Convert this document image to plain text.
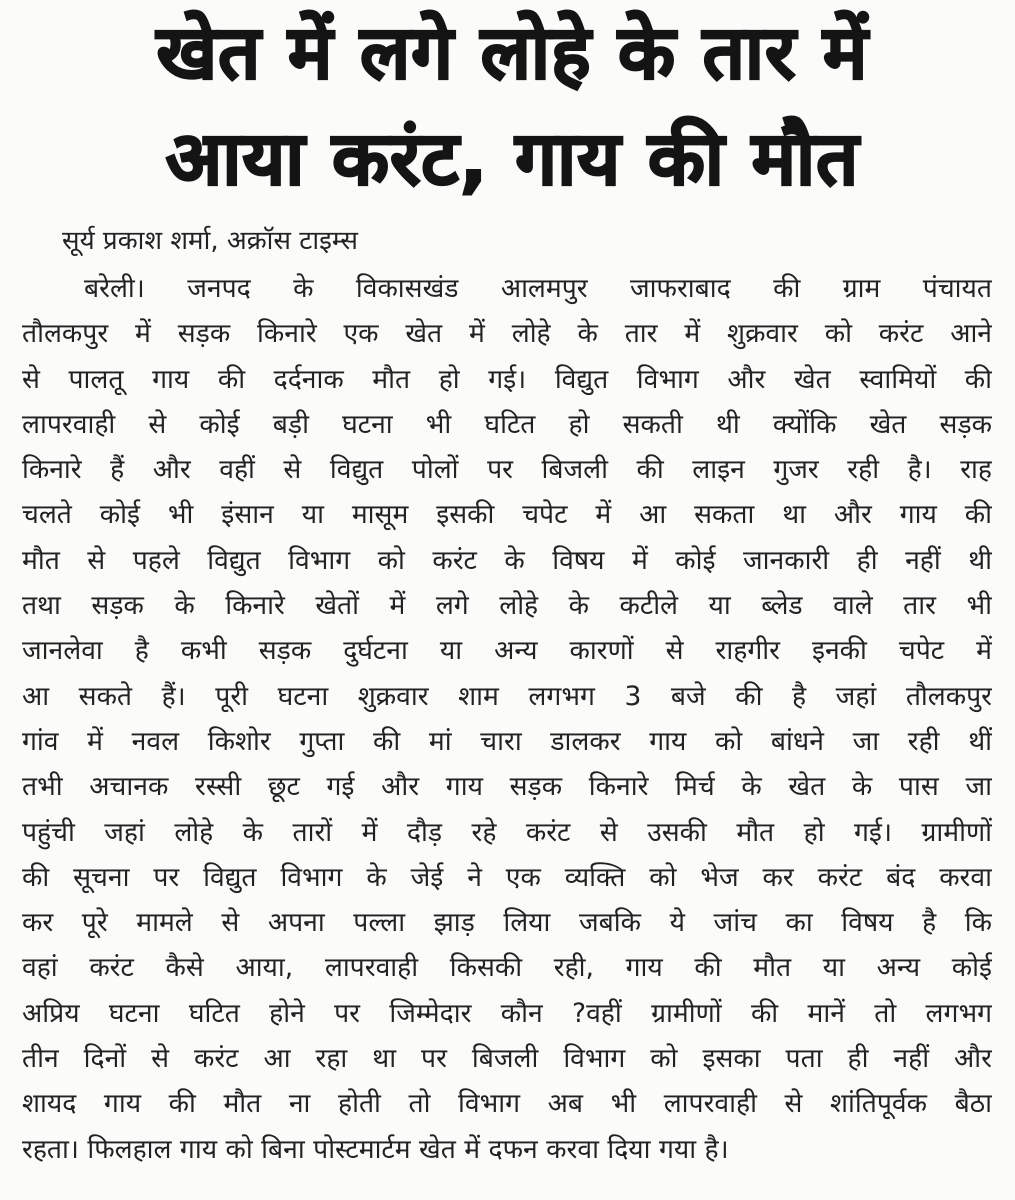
खेत में लगे लोहे के तार में
आया करंट, गाय की मौत
सूर्य प्रकाश शर्मा, अक्रॉस टाइम्स
बरेली। जनपद के विकासखंड आलमपुर जाफराबाद की ग्राम पंचायत
तौलकपुर में सड़क किनारे एक खेत में लोहे के तार में शुक्रवार को करंट आने
से पालतू गाय की दर्दनाक मौत हो गई। विद्युत विभाग और खेत स्वामियों की
लापरवाही से कोई बड़ी घटना भी घटित हो सकती थी क्योंकि खेत सड़क
किनारे हैं और वहीं से विद्युत पोलों पर बिजली की लाइन गुजर रही है। राह
चलते कोई भी इंसान या मासूम इसकी चपेट में आ सकता था और गाय की
मौत से पहले विद्युत विभाग को करंट के विषय में कोई जानकारी ही नहीं थी
तथा सड़क के किनारे खेतों में लगे लोहे के कटीले या ब्लेड वाले तार भी
जानलेवा है कभी सड़क दुर्घटना या अन्य कारणों से राहगीर इनकी चपेट में
आ सकते हैं। पूरी घटना शुक्रवार शाम लगभग 3 बजे की है जहां तौलकपुर
गांव में नवल किशोर गुप्ता की मां चारा डालकर गाय को बांधने जा रही थीं
तभी अचानक रस्सी छूट गई और गाय सड़क किनारे मिर्च के खेत के पास जा
पहुंची जहां लोहे के तारों में दौड़ रहे करंट से उसकी मौत हो गई। ग्रामीणों
की सूचना पर विद्युत विभाग के जेई ने एक व्यक्ति को भेज कर करंट बंद करवा
कर पूरे मामले से अपना पल्ला झाड़ लिया जबकि ये जांच का विषय है कि
वहां करंट कैसे आया, लापरवाही किसकी रही, गाय की मौत या अन्य कोई
अप्रिय घटना घटित होने पर जिम्मेदार कौन ?वहीं ग्रामीणों की मानें तो लगभग
तीन दिनों से करंट आ रहा था पर बिजली विभाग को इसका पता ही नहीं और
शायद गाय की मौत ना होती तो विभाग अब भी लापरवाही से शांतिपूर्वक बैठा
रहता। फिलहाल गाय को बिना पोस्टमार्टम खेत में दफन करवा दिया गया है।
